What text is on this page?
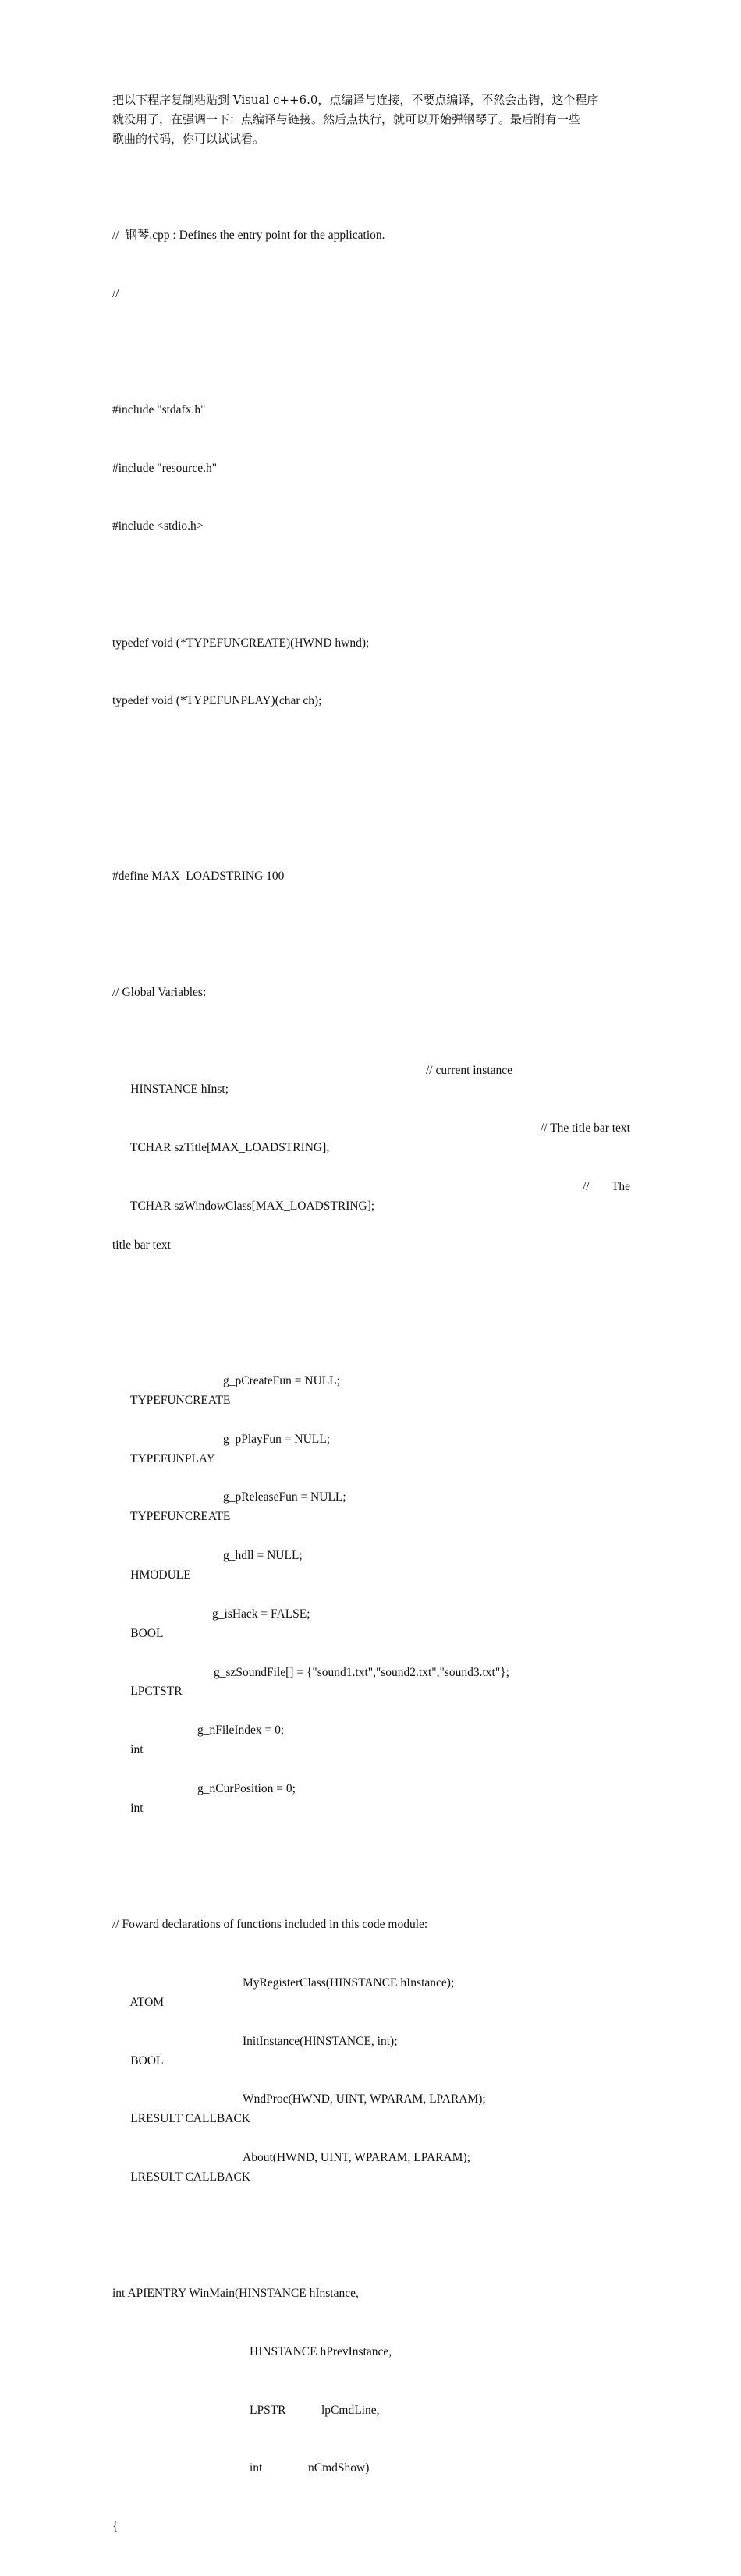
把以下程序复制粘贴到 Visual c++6.0，点编译与连接，不要点编译，不然会出错，这个程序
就没用了，在强调一下：点编译与链接。然后点执行，就可以开始弹钢琴了。最后附有一些
歌曲的代码，你可以试试看。

//  钢琴.cpp : Defines the entry point for the application.

//

#include "stdafx.h"

#include "resource.h"

#include <stdio.h>

typedef void (*TYPEFUNCREATE)(HWND hwnd);

typedef void (*TYPEFUNPLAY)(char ch);

#define MAX_LOADSTRING 100

// Global Variables:

HINSTANCE hInst;

// current instance

TCHAR szTitle[MAX_LOADSTRING];

// The title bar text

TCHAR szWindowClass[MAX_LOADSTRING];

//

The

title bar text

TYPEFUNCREATE

g_pCreateFun = NULL;

TYPEFUNPLAY

g_pPlayFun = NULL;

TYPEFUNCREATE

g_pReleaseFun = NULL;

HMODULE

g_hdll = NULL;

BOOL

g_isHack = FALSE;

LPCTSTR

g_szSoundFile[] = {"sound1.txt","sound2.txt","sound3.txt"};

int

g_nFileIndex = 0;

int

g_nCurPosition = 0;

// Foward declarations of functions included in this code module:

ATOM

MyRegisterClass(HINSTANCE hInstance);

BOOL

InitInstance(HINSTANCE, int);

LRESULT CALLBACK

WndProc(HWND, UINT, WPARAM, LPARAM);

LRESULT CALLBACK

About(HWND, UINT, WPARAM, LPARAM);

int APIENTRY WinMain(HINSTANCE hInstance,

HINSTANCE hPrevInstance,

LPSTR

	lpCmdLine,

int

	nCmdShow)

{
